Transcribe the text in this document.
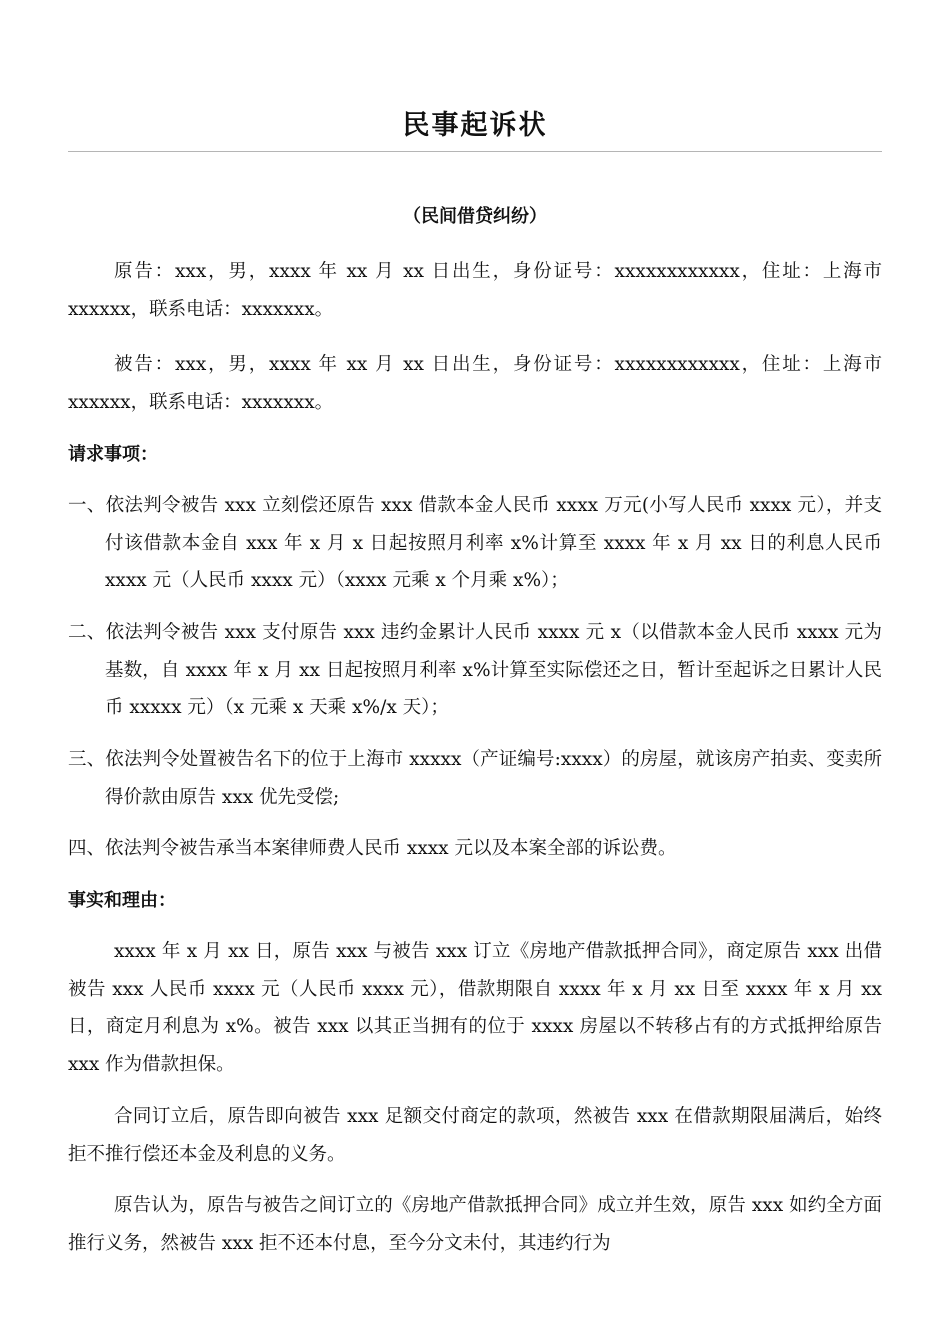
民事起诉状
（民间借贷纠纷）

原告：xxx，男，xxxx 年 xx 月 xx 日出生，身份证号：xxxxxxxxxxxx，住址：上海市 xxxxxx，联系电话：xxxxxxx。

被告：xxx，男，xxxx 年 xx 月 xx 日出生，身份证号：xxxxxxxxxxxx，住址：上海市 xxxxxx，联系电话：xxxxxxx。

请求事项：

一、依法判令被告 xxx 立刻偿还原告 xxx 借款本金人民币 xxxx 万元(小写人民币 xxxx 元），并支付该借款本金自 xxx 年 x 月 x 日起按照月利率 x%计算至 xxxx 年 x 月 xx 日的利息人民币 xxxx 元（人民币 xxxx 元）（xxxx 元乘 x 个月乘 x%）；

二、依法判令被告 xxx 支付原告 xxx 违约金累计人民币 xxxx 元 x（以借款本金人民币 xxxx 元为基数，自 xxxx 年 x 月 xx 日起按照月利率 x%计算至实际偿还之日，暂计至起诉之日累计人民币 xxxxx 元）（x 元乘 x 天乘 x%/x 天）；

三、依法判令处置被告名下的位于上海市 xxxxx（产证编号:xxxx）的房屋，就该房产拍卖、变卖所得价款由原告 xxx 优先受偿;

四、依法判令被告承当本案律师费人民币 xxxx 元以及本案全部的诉讼费。

事实和理由：

xxxx 年 x 月 xx 日，原告 xxx 与被告 xxx 订立《房地产借款抵押合同》，商定原告 xxx 出借被告 xxx 人民币 xxxx 元（人民币 xxxx 元），借款期限自 xxxx 年 x 月 xx 日至 xxxx 年 x 月 xx 日，商定月利息为 x%。被告 xxx 以其正当拥有的位于 xxxx 房屋以不转移占有的方式抵押给原告 xxx 作为借款担保。

合同订立后，原告即向被告 xxx 足额交付商定的款项，然被告 xxx 在借款期限届满后，始终拒不推行偿还本金及利息的义务。

原告认为，原告与被告之间订立的《房地产借款抵押合同》成立并生效，原告 xxx 如约全方面推行义务，然被告 xxx 拒不还本付息，至今分文未付，其违约行为
